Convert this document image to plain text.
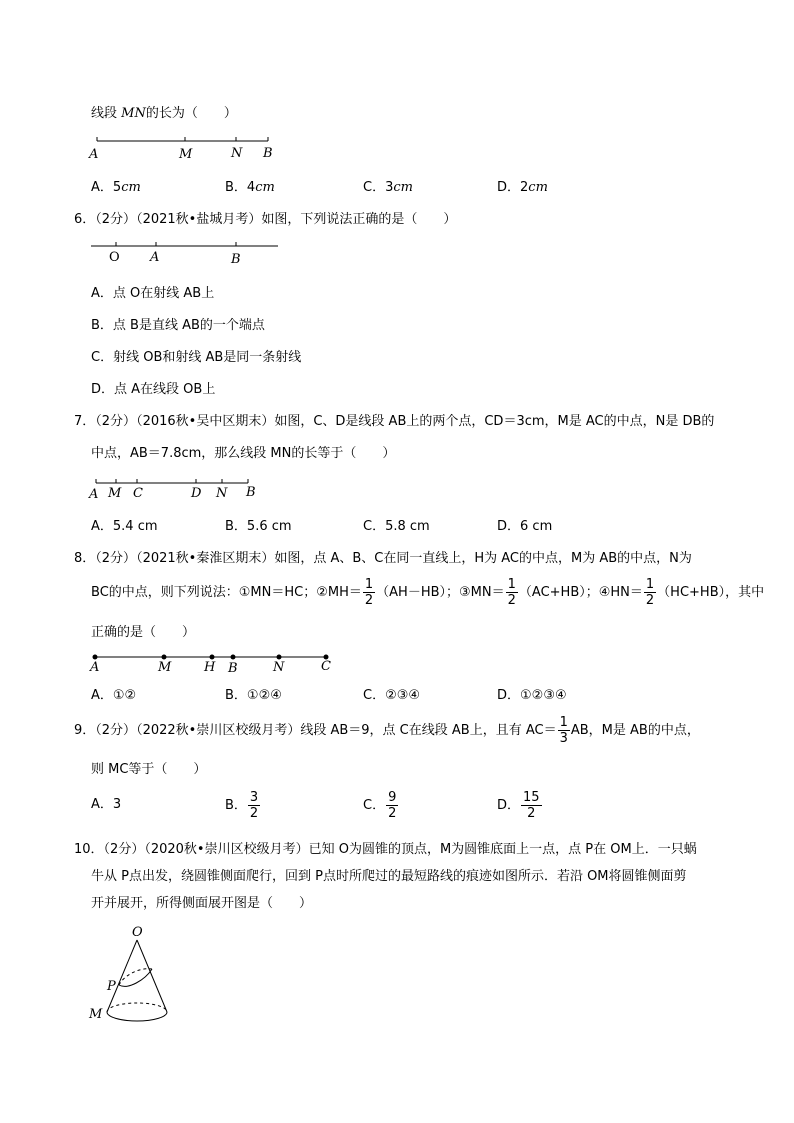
线段 MN的长为（　　）
A	M	N B
A．5cm	B．4cm	C．3cm	D．2cm
6．（2分）（2021秋•盐城月考）如图，下列说法正确的是（　　）
O A	B
A．点 O在射线 AB上
B．点 B是直线 AB的一个端点
C．射线 OB和射线 AB是同一条射线
D．点 A在线段 OB上
7．（2分）（2016秋•吴中区期末）如图，C、D是线段 AB上的两个点，CD＝3cm，M是 AC的中点，N是 DB的
中点，AB＝7.8cm，那么线段 MN的长等于（　　）
A M C	D N B
A．5.4 cm	B．5.6 cm	C．5.8 cm	D．6 cm
8．（2分）（2021秋•秦淮区期末）如图，点 A、B、C在同一直线上，H为 AC的中点，M为 AB的中点，N为
BC的中点，则下列说法：①MN＝HC；②MH＝ $\frac{1}{2} (AH-HB)$；③MN＝ $\frac{1}{2} (AC+HB)$；④HN＝ $\frac{1}{2} (HC+HB)$，其中
正确的是（　　）
A	M	H B	N	C
A．①②	B．①②④	C．②③④	D．①②③④
9．（2分）（2022秋•崇川区校级月考）线段 AB＝9，点 C在线段 AB上，且有 $AC= \frac{1}{3}$ AB，M是 AB的中点，
则 MC等于（　　）
A．3	B． $\frac{3}{2}$	C． $\frac{9}{2}$	D． $\frac{15}{2}$
10．（2分）（2020秋•崇川区校级月考）已知 O为圆锥的顶点，M为圆锥底面上一点，点 P在 OM上．一只蜗
牛从 P点出发，绕圆锥侧面爬行，回到 P点时所爬过的最短路线的痕迹如图所示．若沿 OM将圆锥侧面剪
开并展开，所得侧面展开图是（　　）
O
P
M
